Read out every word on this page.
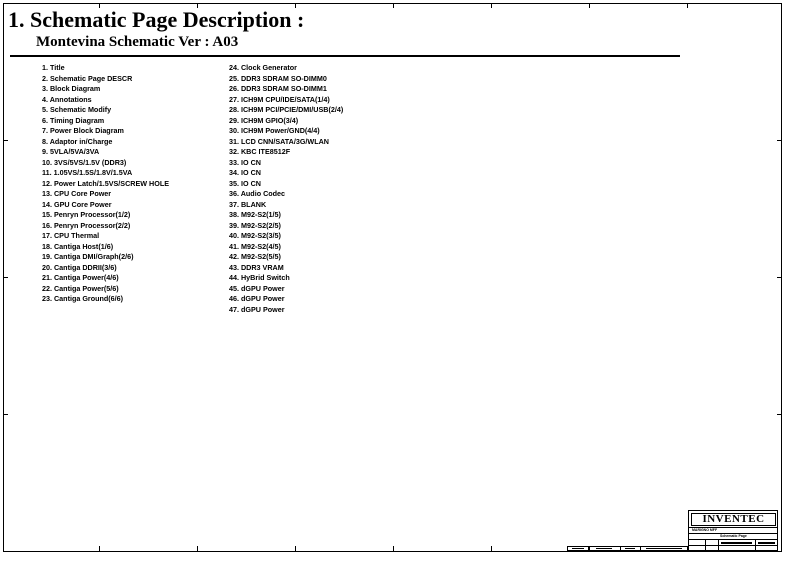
1. Schematic Page Description :
Montevina Schematic Ver : A03
1. Title
2. Schematic Page DESCR
3. Block Diagram
4. Annotations
5. Schematic Modify
6. Timing Diagram
7. Power Block Diagram
8. Adaptor in/Charge
9. 5VLA/5VA/3VA
10. 3VS/5VS/1.5V (DDR3)
11. 1.05VS/1.5S/1.8V/1.5VA
12. Power Latch/1.5VS/SCREW HOLE
13. CPU Core Power
14. GPU Core Power
15. Penryn Processor(1/2)
16. Penryn Processor(2/2)
17. CPU Thermal
18. Cantiga Host(1/6)
19. Cantiga DMI/Graph(2/6)
20. Cantiga DDRII(3/6)
21. Cantiga Power(4/6)
22. Cantiga Power(5/6)
23. Cantiga Ground(6/6)
24. Clock Generator
25. DDR3 SDRAM SO-DIMM0
26. DDR3 SDRAM SO-DIMM1
27. ICH9M CPU/IDE/SATA(1/4)
28. ICH9M PCI/PCIE/DMI/USB(2/4)
29. ICH9M GPIO(3/4)
30. ICH9M Power/GND(4/4)
31. LCD CNN/SATA/3G/WLAN
32. KBC ITE8512F
33. IO CN
34. IO CN
35. IO CN
36. Audio Codec
37. BLANK
38. M92-S2(1/5)
39. M92-S2(2/5)
40. M92-S2(3/5)
41. M92-S2(4/5)
42. M92-S2(5/5)
43. DDR3 VRAM
44. HyBrid Switch
45. dGPU Power
46. dGPU Power
47. dGPU Power
INVENTEC
MARIGNO MFF
Schematic Page
